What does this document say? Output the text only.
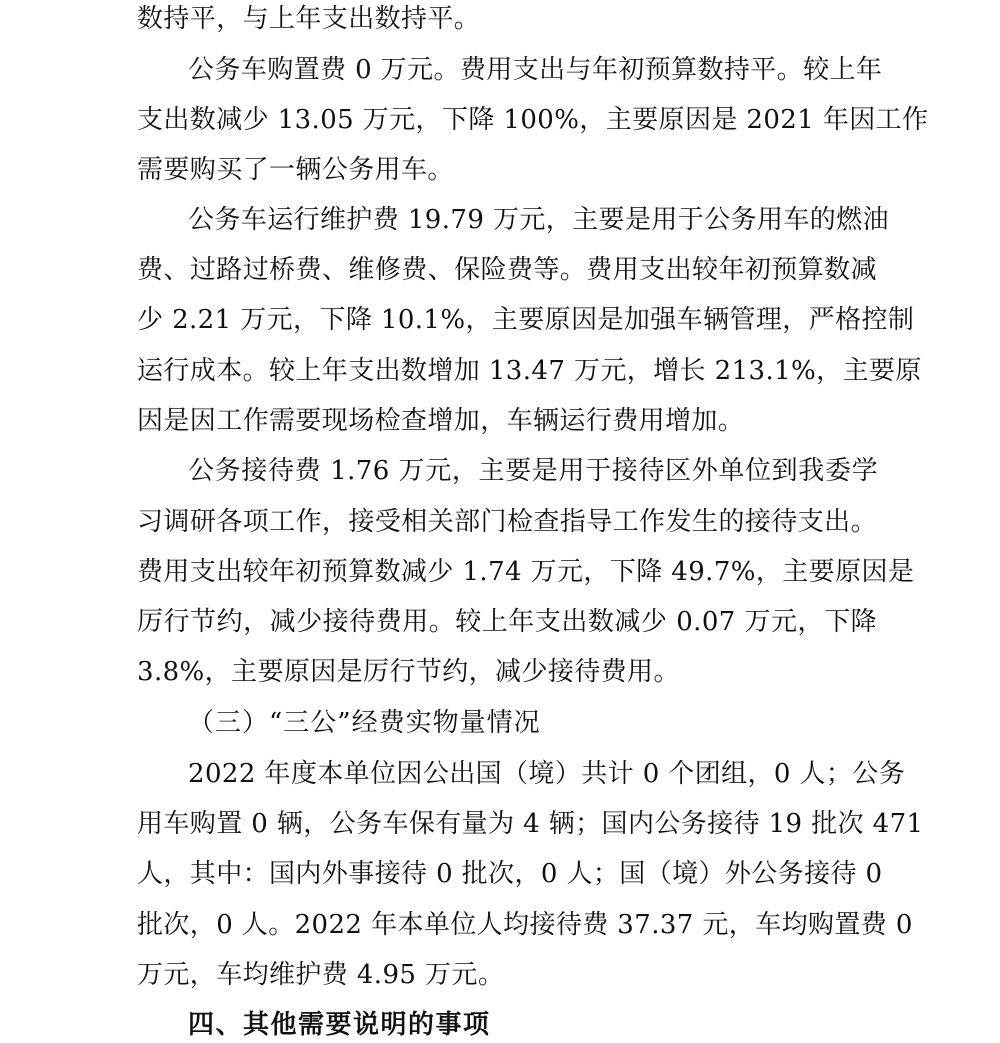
数持平，与上年支出数持平。
公务车购置费 0 万元。费用支出与年初预算数持平。较上年
支出数减少 13.05 万元，下降 100%，主要原因是 2021 年因工作
需要购买了一辆公务用车。
公务车运行维护费 19.79 万元，主要是用于公务用车的燃油
费、过路过桥费、维修费、保险费等。费用支出较年初预算数减
少 2.21 万元，下降 10.1%，主要原因是加强车辆管理，严格控制
运行成本。较上年支出数增加 13.47 万元，增长 213.1%，主要原
因是因工作需要现场检查增加，车辆运行费用增加。
公务接待费 1.76 万元，主要是用于接待区外单位到我委学
习调研各项工作，接受相关部门检查指导工作发生的接待支出。
费用支出较年初预算数减少 1.74 万元，下降 49.7%，主要原因是
厉行节约，减少接待费用。较上年支出数减少 0.07 万元，下降
3.8%，主要原因是厉行节约，减少接待费用。
（三）“三公”经费实物量情况
2022 年度本单位因公出国（境）共计 0 个团组，0 人；公务
用车购置 0 辆，公务车保有量为 4 辆；国内公务接待 19 批次 471
人，其中：国内外事接待 0 批次，0 人；国（境）外公务接待 0
批次，0 人。2022 年本单位人均接待费 37.37 元，车均购置费 0
万元，车均维护费 4.95 万元。
四、其他需要说明的事项
